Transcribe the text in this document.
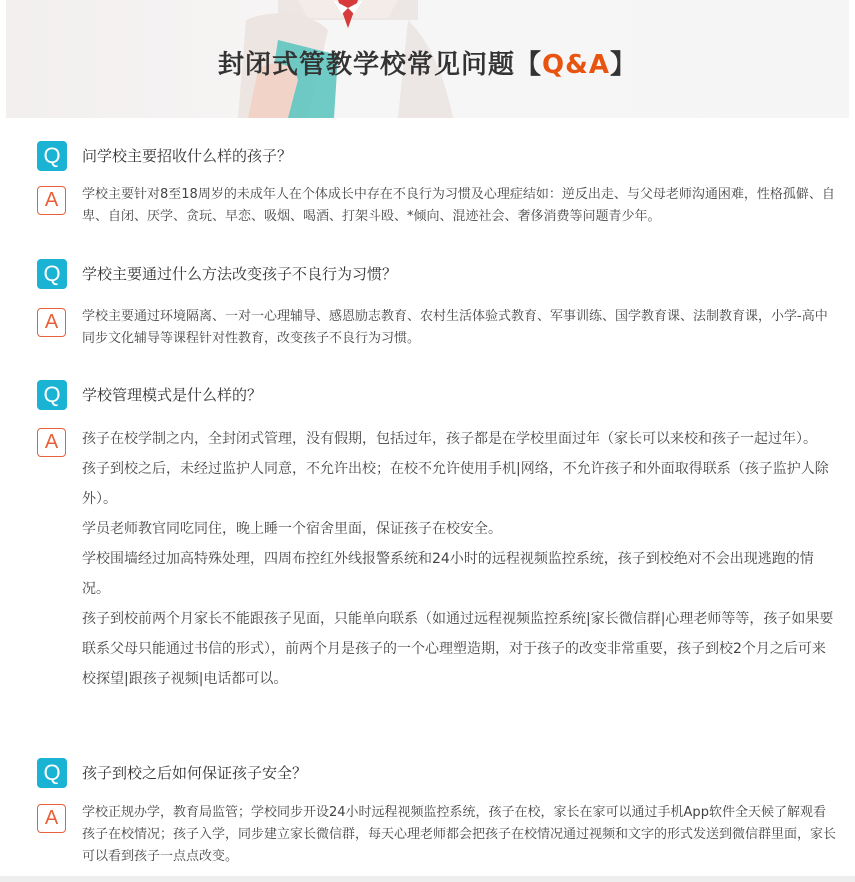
封闭式管教学校常见问题【Q&A】
Q	问学校主要招收什么样的孩子？
A	学校主要针对8至18周岁的未成年人在个体成长中存在不良行为习惯及心理症结如：逆反出走、与父母老师沟通困难，性格孤僻、自卑、自闭、厌学、贪玩、早恋、吸烟、喝酒、打架斗殴、*倾向、混迹社会、奢侈消费等问题青少年。

Q	学校主要通过什么方法改变孩子不良行为习惯？
A	学校主要通过环境隔离、一对一心理辅导、感恩励志教育、农村生活体验式教育、军事训练、国学教育课、法制教育课，小学-高中同步文化辅导等课程针对性教育，改变孩子不良行为习惯。

Q	学校管理模式是什么样的？
A	孩子在校学制之内，全封闭式管理，没有假期，包括过年，孩子都是在学校里面过年（家长可以来校和孩子一起过年）。

孩子到校之后，未经过监护人同意，不允许出校；在校不允许使用手机|网络，不允许孩子和外面取得联系（孩子监护人除外）。

学员老师教官同吃同住，晚上睡一个宿舍里面，保证孩子在校安全。

学校围墙经过加高特殊处理，四周布控红外线报警系统和24小时的远程视频监控系统，孩子到校绝对不会出现逃跑的情况。

孩子到校前两个月家长不能跟孩子见面，只能单向联系（如通过远程视频监控系统|家长微信群|心理老师等等，孩子如果要联系父母只能通过书信的形式），前两个月是孩子的一个心理塑造期，对于孩子的改变非常重要，孩子到校2个月之后可来校探望|跟孩子视频|电话都可以。

Q	孩子到校之后如何保证孩子安全？
A	学校正规办学，教育局监管；学校同步开设24小时远程视频监控系统，孩子在校，家长在家可以通过手机App软件全天候了解观看孩子在校情况；孩子入学，同步建立家长微信群，每天心理老师都会把孩子在校情况通过视频和文字的形式发送到微信群里面，家长可以看到孩子一点点改变。
